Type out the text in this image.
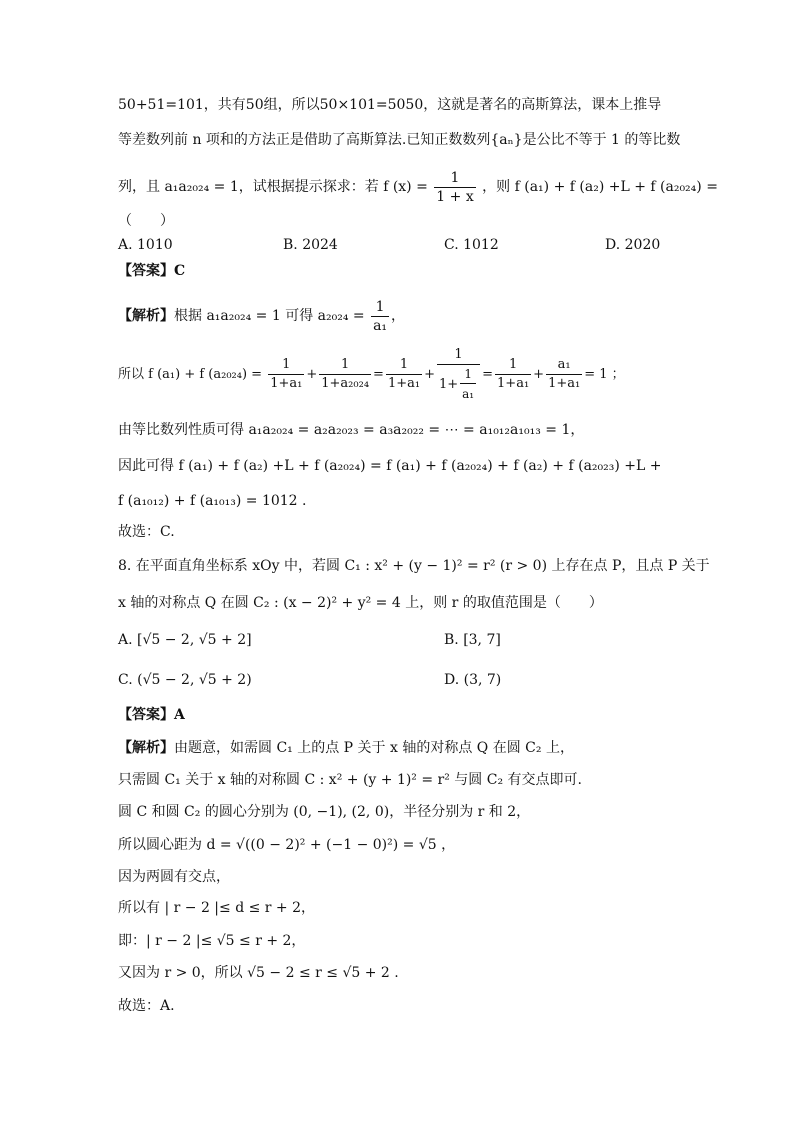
50+51=101，共有50组，所以50×101=5050，这就是著名的高斯算法，课本上推导
等差数列前 n 项和的方法正是借助了高斯算法.已知正数数列{aₙ}是公比不等于 1 的等比数
列，且 a₁a₂₀₂₄ = 1，试根据提示探求：若 f $(x) = \frac{1}{1 + x}$ ，则 f (a₁) + f (a₂) +L + f (a₂₀₂₄) =
（　　）
A. 1010	B. 2024	C. 1012	D. 2020
【答案】C
【解析】根据 a₁a₂₀₂₄ = 1 可得 $a_{2024} = \frac{1}{\text{a₁}}$ ，
所以 f (a₁) + f $(a_{2024}) = \frac{1}{\text{1+a₁}} + \frac{1}{\text{1+a₂₀₂₄}} = \frac{1}{\text{1+a₁}} + \frac{1}{1+ \frac{1}{\text{a₁}}} = \frac{1}{\text{1+a₁}} + \frac{\text{a₁}}{\text{1+a₁}} = 1$ ；
由等比数列性质可得 a₁a₂₀₂₄ = a₂a₂₀₂₃ = a₃a₂₀₂₂ = ⋯ = a₁₀₁₂a₁₀₁₃ = 1，
因此可得 f (a₁) + f (a₂) +L + f (a₂₀₂₄) = f (a₁) + f (a₂₀₂₄) + f (a₂) + f (a₂₀₂₃) +L +
f (a₁₀₁₂) + f (a₁₀₁₃) = 1012 .
故选：C.
8. 在平面直角坐标系 xOy 中，若圆 C₁ : x² + (y − 1)² = r² (r > 0) 上存在点 P，且点 P 关于
x 轴的对称点 Q 在圆 C₂ : (x − 2)² + y² = 4 上，则 r 的取值范围是（　　）
A. [√5 − 2, √5 + 2]	B. [3, 7]
C. (√5 − 2, √5 + 2)	D. (3, 7)
【答案】A
【解析】由题意，如需圆 C₁ 上的点 P 关于 x 轴的对称点 Q 在圆 C₂ 上，
只需圆 C₁ 关于 x 轴的对称圆 C : x² + (y + 1)² = r² 与圆 C₂ 有交点即可.
圆 C 和圆 C₂ 的圆心分别为 (0, −1), (2, 0)，半径分别为 r 和 2，
所以圆心距为 d = √((0 − 2)² + (−1 − 0)²) = √5 ，
因为两圆有交点，
所以有 | r − 2 |≤ d ≤ r + 2，
即：| r − 2 |≤ √5 ≤ r + 2，
又因为 r > 0，所以 √5 − 2 ≤ r ≤ √5 + 2 .
故选：A.
